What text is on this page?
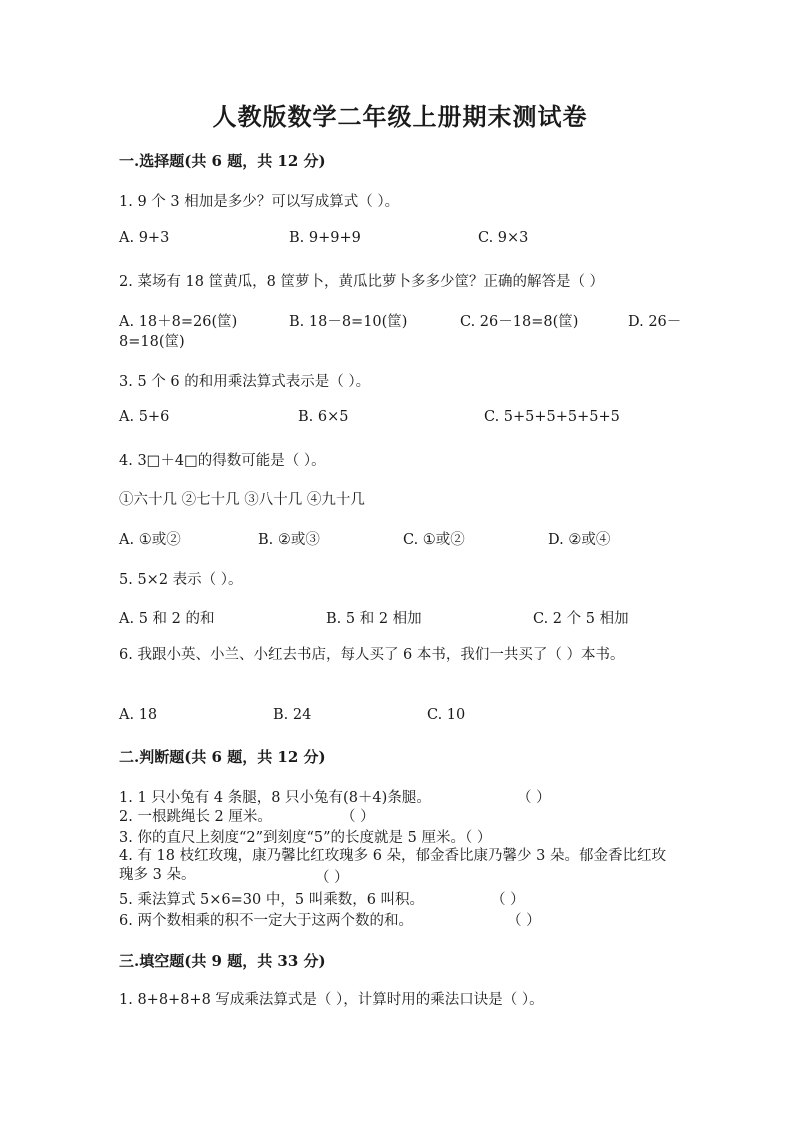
人教版数学二年级上册期末测试卷
一.选择题(共 6 题，共 12 分)
1. 9 个 3 相加是多少？可以写成算式（ ）。
A. 9+3	B. 9+9+9	C. 9×3
2. 菜场有 18 筐黄瓜，8 筐萝卜，黄瓜比萝卜多多少筐？正确的解答是（ ）
A. 18＋8=26(筐)	B. 18－8=10(筐)	C. 26－18=8(筐)	D. 26－
8=18(筐)
3. 5 个 6 的和用乘法算式表示是（ ）。
A. 5+6	B. 6×5	C. 5+5+5+5+5+5
4. 3□＋4□的得数可能是（ ）。
①六十几 ②七十几 ③八十几 ④九十几
A. ①或②	B. ②或③	C. ①或②	D. ②或④
5. 5×2 表示（ ）。
A. 5 和 2 的和	B. 5 和 2 相加	C. 2 个 5 相加
6. 我跟小英、小兰、小红去书店，每人买了 6 本书，我们一共买了（ ）本书。
A. 18	B. 24	C. 10
二.判断题(共 6 题，共 12 分)
1. 1 只小兔有 4 条腿，8 只小兔有(8＋4)条腿。	（ ）
2. 一根跳绳长 2 厘米。	（ ）
3. 你的直尺上刻度“2”到刻度“5”的长度就是 5 厘米。（ ）
4. 有 18 枝红玫瑰，康乃馨比红玫瑰多 6 朵，郁金香比康乃馨少 3 朵。郁金香比红玫瑰多 3 朵。	（ ）
5. 乘法算式 5×6=30 中，5 叫乘数，6 叫积。	（ ）
6. 两个数相乘的积不一定大于这两个数的和。	（ ）
三.填空题(共 9 题，共 33 分)
1. 8+8+8+8 写成乘法算式是（ ），计算时用的乘法口诀是（ ）。
